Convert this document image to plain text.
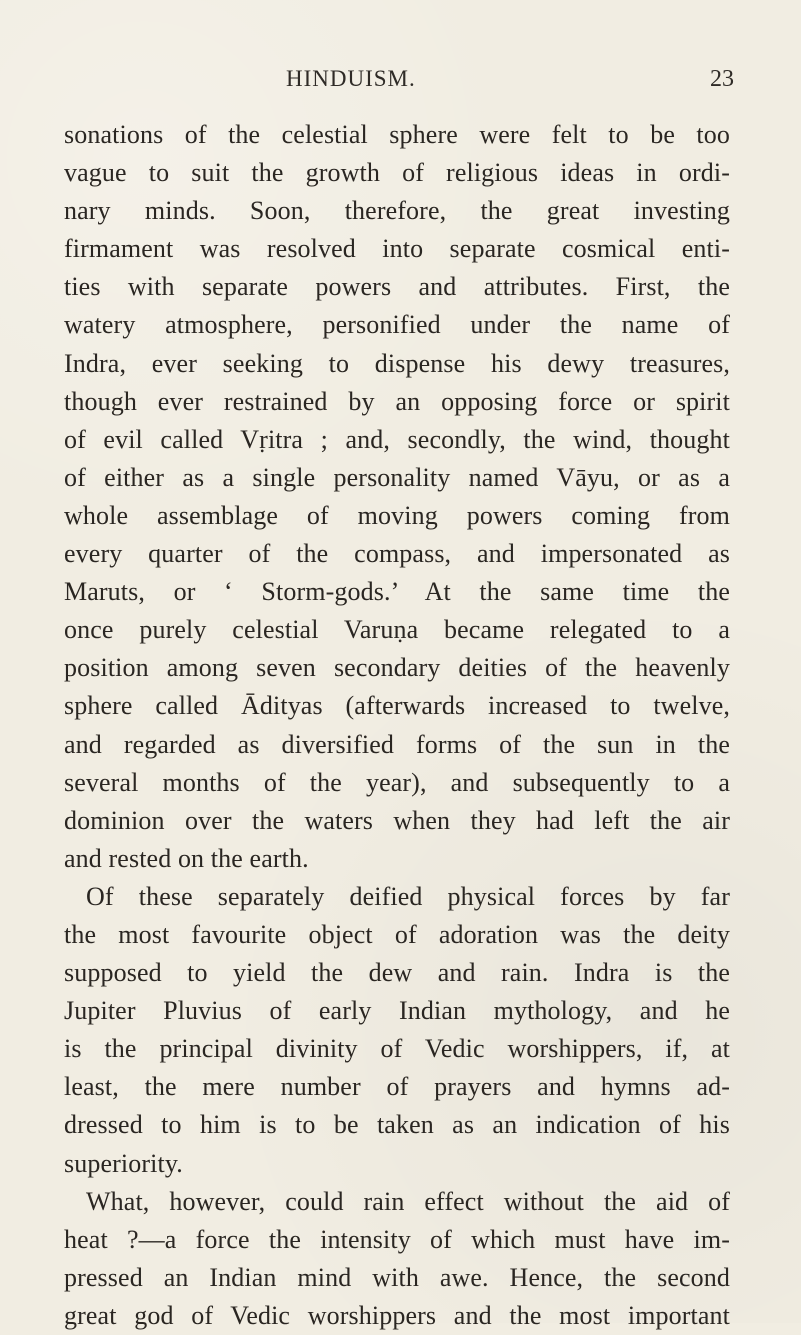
HINDUISM.	23
sonations of the celestial sphere were felt to be too
vague to suit the growth of religious ideas in ordi-
nary minds. Soon, therefore, the great investing
firmament was resolved into separate cosmical enti-
ties with separate powers and attributes. First, the
watery atmosphere, personified under the name of
Indra, ever seeking to dispense his dewy treasures,
though ever restrained by an opposing force or spirit
of evil called Vṛitra ; and, secondly, the wind, thought
of either as a single personality named Vāyu, or as a
whole assemblage of moving powers coming from
every quarter of the compass, and impersonated as
Maruts, or ‘ Storm-gods.’ At the same time the
once purely celestial Varuṇa became relegated to a
position among seven secondary deities of the heavenly
sphere called Ādityas (afterwards increased to twelve,
and regarded as diversified forms of the sun in the
several months of the year), and subsequently to a
dominion over the waters when they had left the air
and rested on the earth.
Of these separately deified physical forces by far
the most favourite object of adoration was the deity
supposed to yield the dew and rain. Indra is the
Jupiter Pluvius of early Indian mythology, and he
is the principal divinity of Vedic worshippers, if, at
least, the mere number of prayers and hymns ad-
dressed to him is to be taken as an indication of his
superiority.
What, however, could rain effect without the aid of
heat ?—a force the intensity of which must have im-
pressed an Indian mind with awe. Hence, the second
great god of Vedic worshippers and the most important
